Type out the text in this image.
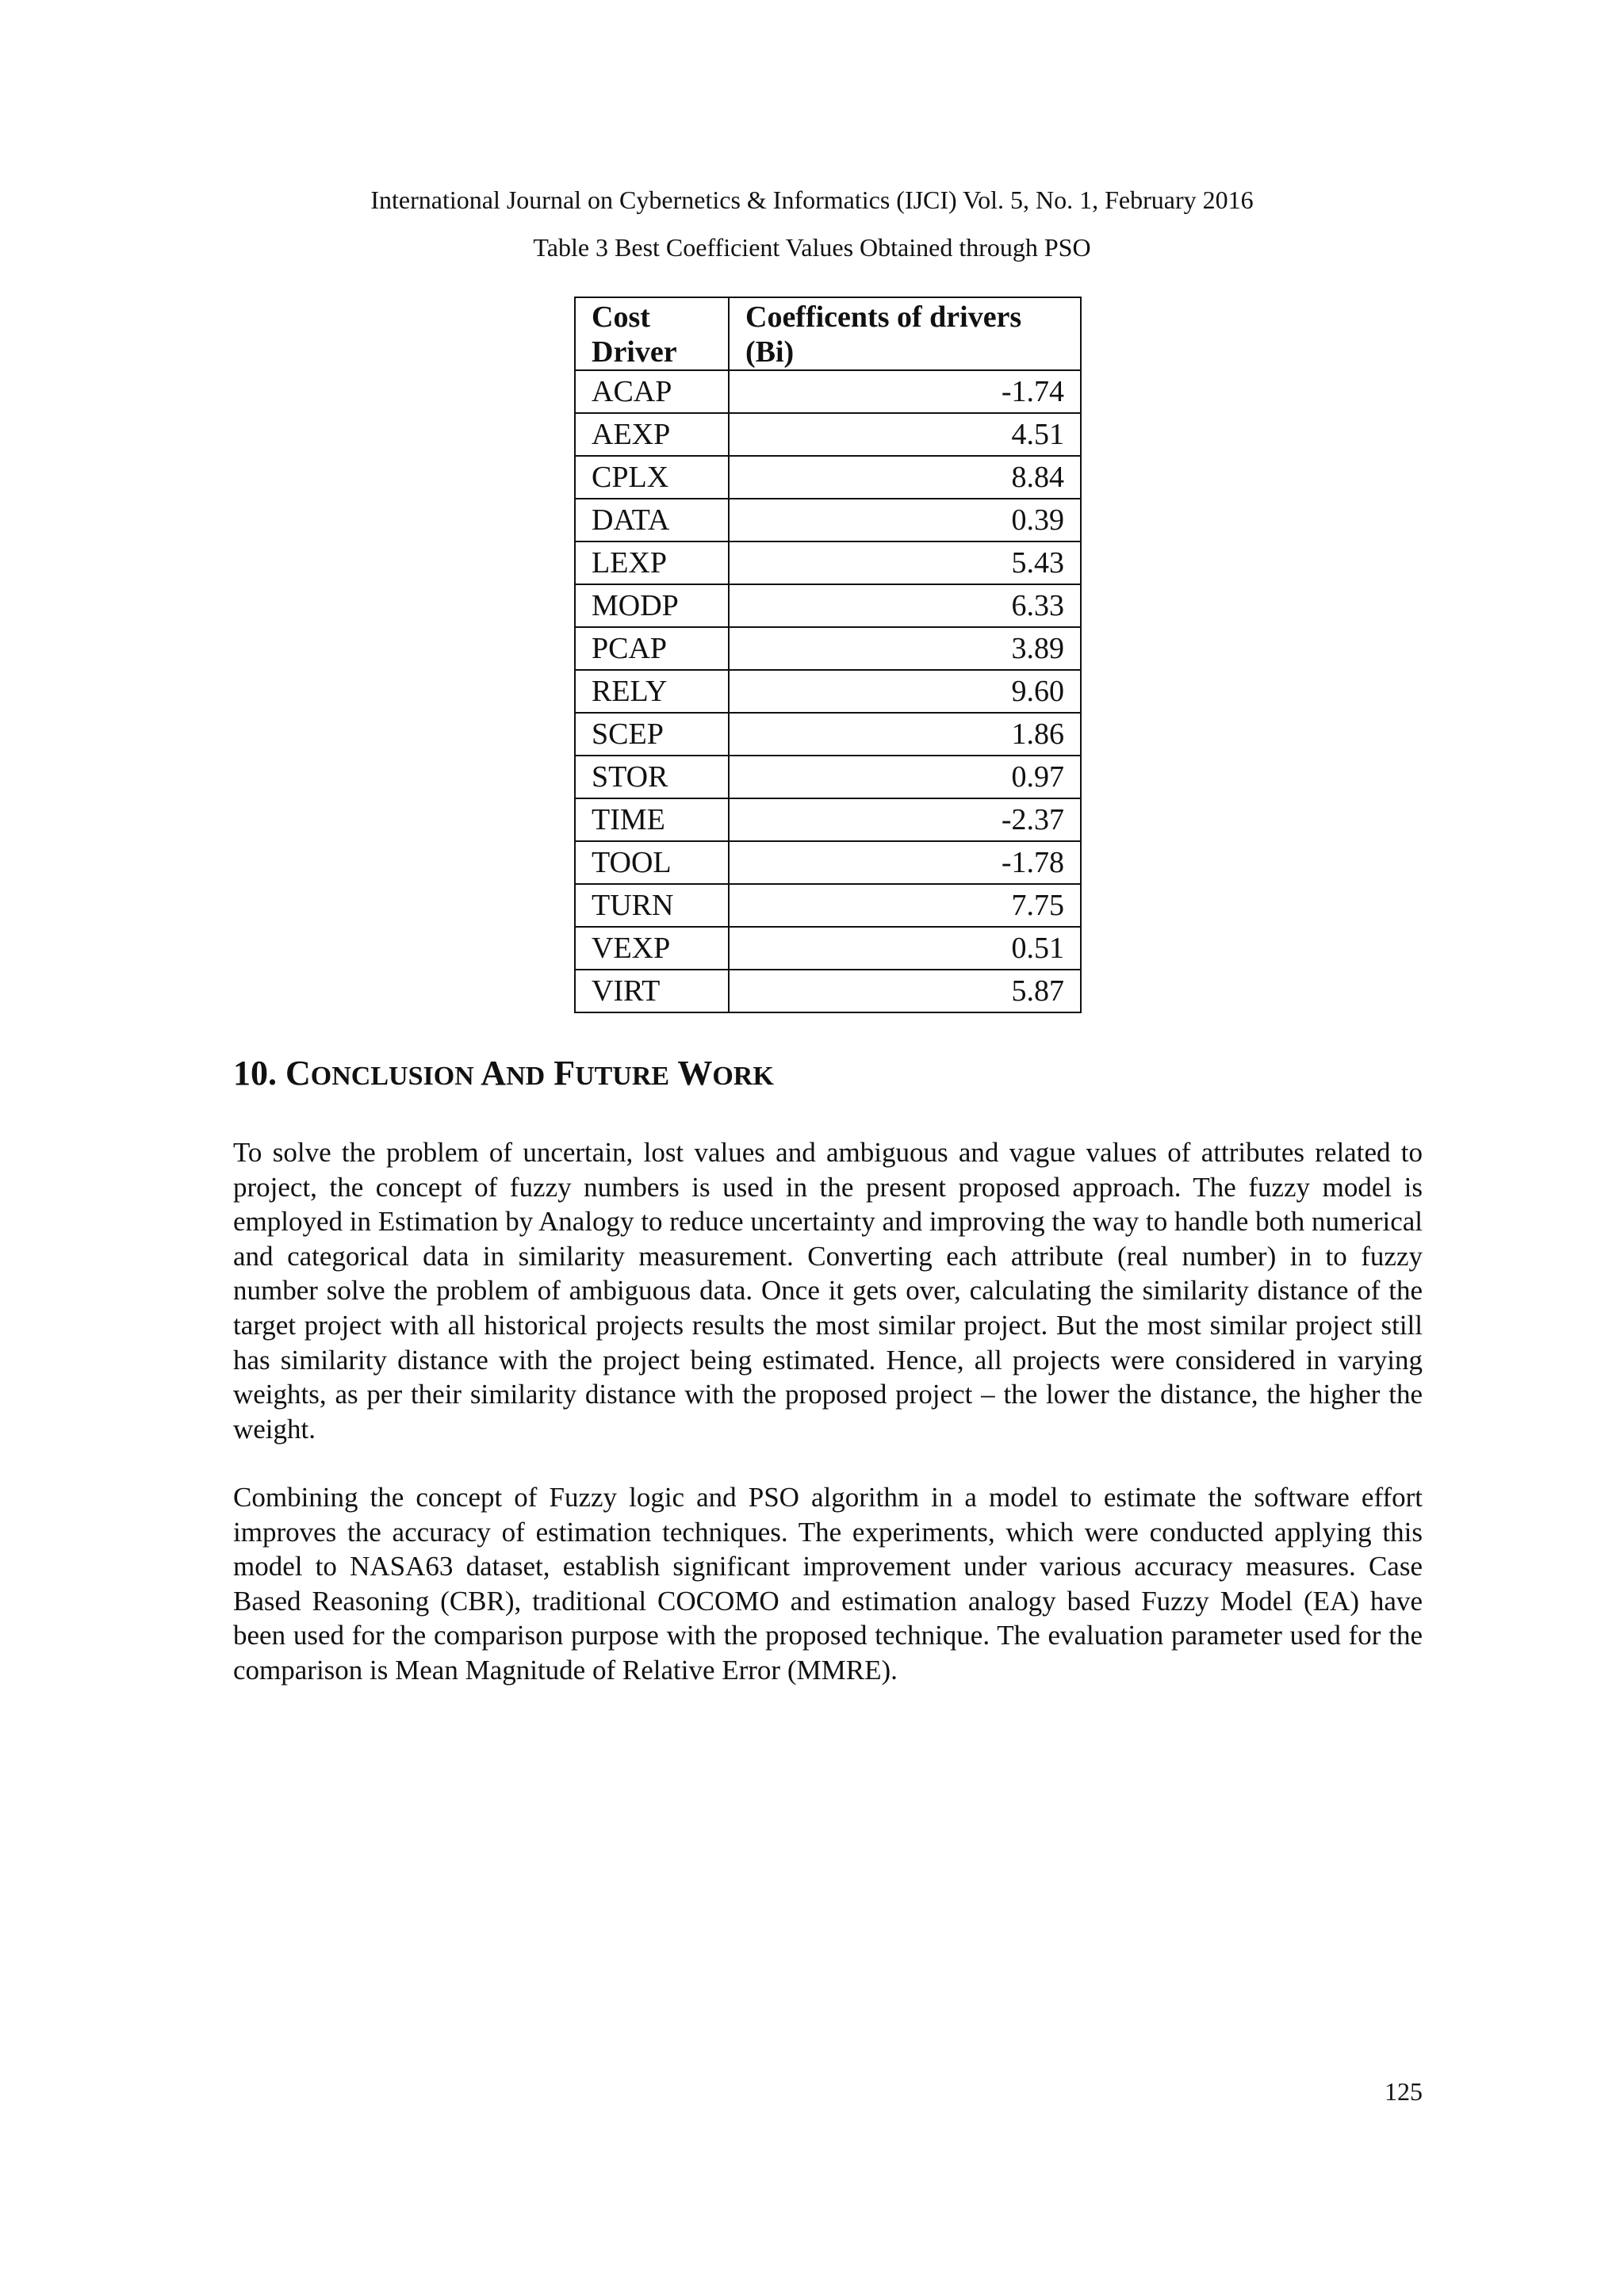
International Journal on Cybernetics & Informatics (IJCI) Vol. 5, No. 1, February 2016
Table 3 Best Coefficient Values Obtained through PSO
Cost Driver	Coefficents of drivers (Bi)
ACAP	-1.74
AEXP	4.51
CPLX	8.84
DATA	0.39
LEXP	5.43
MODP	6.33
PCAP	3.89
RELY	9.60
SCEP	1.86
STOR	0.97
TIME	-2.37
TOOL	-1.78
TURN	7.75
VEXP	0.51
VIRT	5.87
10. CONCLUSION AND FUTURE WORK

To solve the problem of uncertain, lost values and ambiguous and vague values of attributes related to project, the concept of fuzzy numbers is used in the present proposed approach. The fuzzy model is employed in Estimation by Analogy to reduce uncertainty and improving the way to handle both numerical and categorical data in similarity measurement. Converting each attribute (real number) in to fuzzy number solve the problem of ambiguous data. Once it gets over, calculating the similarity distance of the target project with all historical projects results the most similar project. But the most similar project still has similarity distance with the project being estimated. Hence, all projects were considered in varying weights, as per their similarity distance with the proposed project – the lower the distance, the higher the weight.

Combining the concept of Fuzzy logic and PSO algorithm in a model to estimate the software effort improves the accuracy of estimation techniques. The experiments, which were conducted applying this model to NASA63 dataset, establish significant improvement under various accuracy measures. Case Based Reasoning (CBR), traditional COCOMO and estimation analogy based Fuzzy Model (EA) have been used for the comparison purpose with the proposed technique. The evaluation parameter used for the comparison is Mean Magnitude of Relative Error (MMRE).

125
